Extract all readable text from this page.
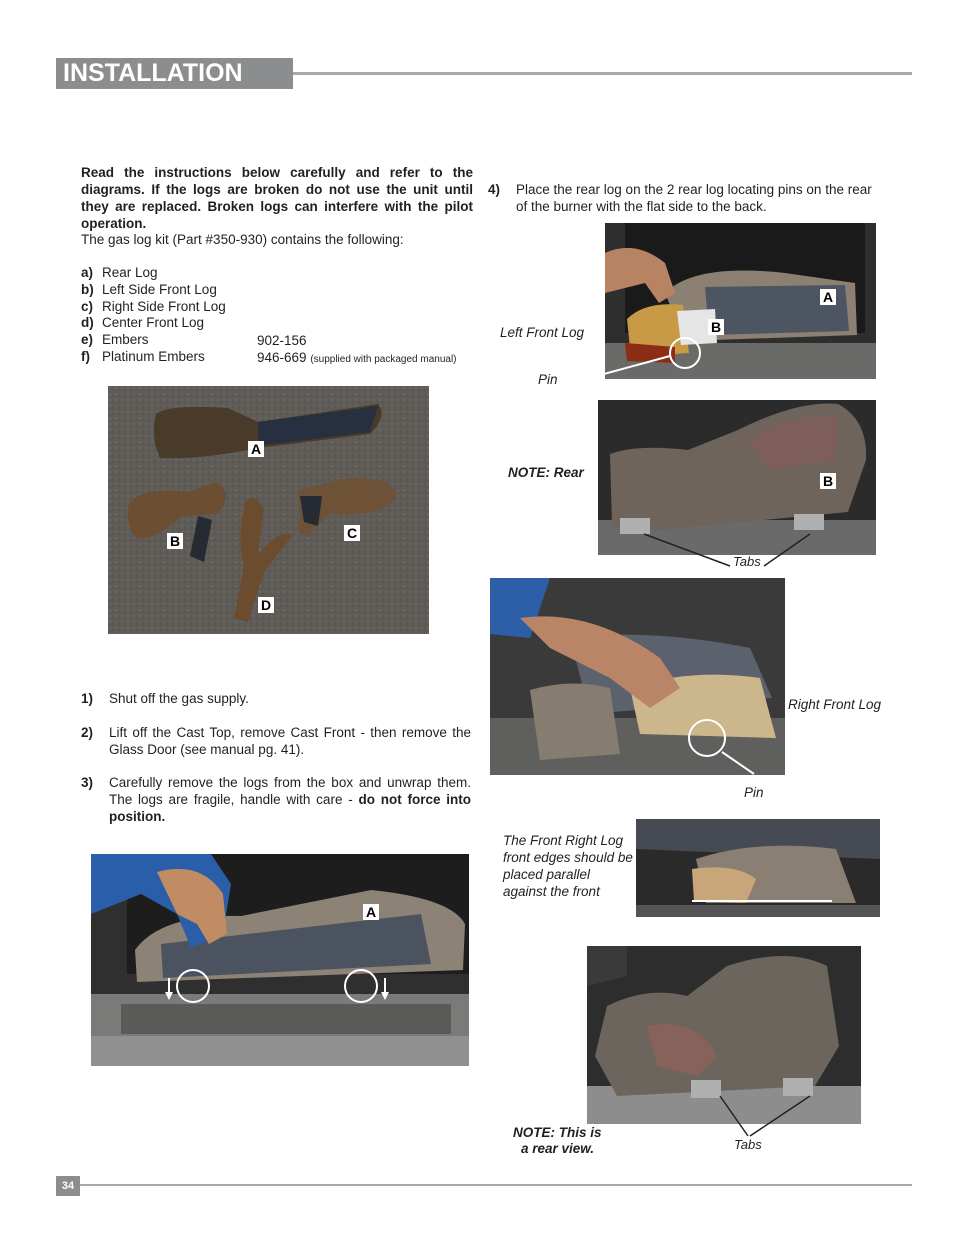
INSTALLATION
Read the instructions below carefully and refer to the diagrams. If the logs are broken do not use the unit until they are replaced. Broken logs can interfere with the pilot operation.
The gas log kit (Part #350-930) contains the following:
a) Rear Log
b) Left Side Front Log
c) Right Side Front Log
d) Center Front Log
e) Embers	902-156
f) Platinum Embers	946-669 (supplied with packaged manual)
A
B	C
D
1) Shut off the gas supply.
2)	Lift off the Cast Top, remove Cast Front - then remove the Glass Door (see manual pg. 41).
3)	Carefully remove the logs from the box and unwrap them. The logs are fragile, handle with care - do not force into position.
A
4)	Place the rear log on the 2 rear log locating pins on the rear of the burner with the flat side to the back.
A
B
Left Front Log
Pin
B
NOTE: Rear
Tabs
Right Front Log
Pin
The Front Right Log front edges should be placed parallel against the front
NOTE: This is
a rear view.	Tabs
34
